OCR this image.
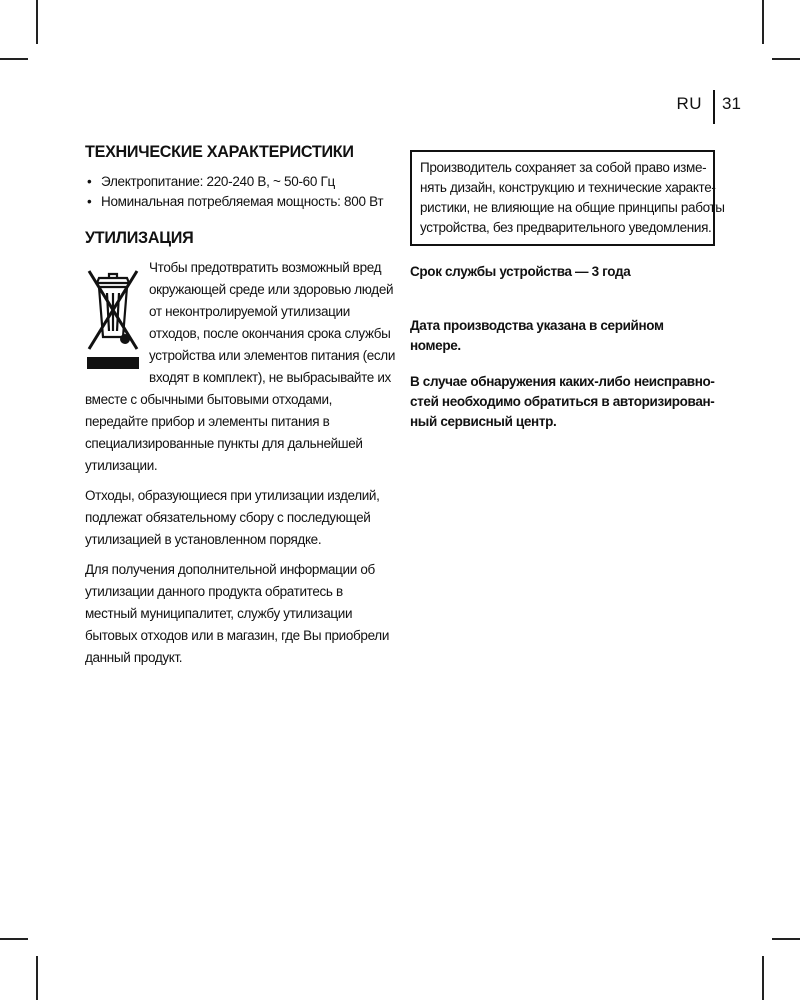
RU 31
ТЕХНИЧЕСКИЕ ХАРАКТЕРИСТИКИ
• Электропитание: 220-240 В, ~ 50-60 Гц
• Номинальная потребляемая мощность: 800 Вт
УТИЛИЗАЦИЯ

Чтобы предотвратить возможный вред окружающей среде или здоровью людей от неконтролируемой утилизации отходов, после окончания срока службы устройства или элементов питания (если входят в комплект), не выбрасывайте их вместе с обычными бытовыми отходами, передайте прибор и элементы питания в специализированные пункты для дальнейшей утилизации.

Отходы, образующиеся при утилизации изделий, подлежат обязательному сбору с последующей утилизацией в установленном порядке.

Для получения дополнительной информации об утилизации данного продукта обратитесь в местный муниципалитет, службу утилизации бытовых отходов или в магазин, где Вы приобрели данный продукт.

Производитель сохраняет за собой право изме-
нять дизайн, конструкцию и технические характе-
ристики, не влияющие на общие принципы работы
устройства, без предварительного уведомления.

Срок службы устройства — 3 года

Дата производства указана в серийном номере.

В случае обнаружения каких-либо неисправно-
стей необходимо обратиться в авторизирован-
ный сервисный центр.
